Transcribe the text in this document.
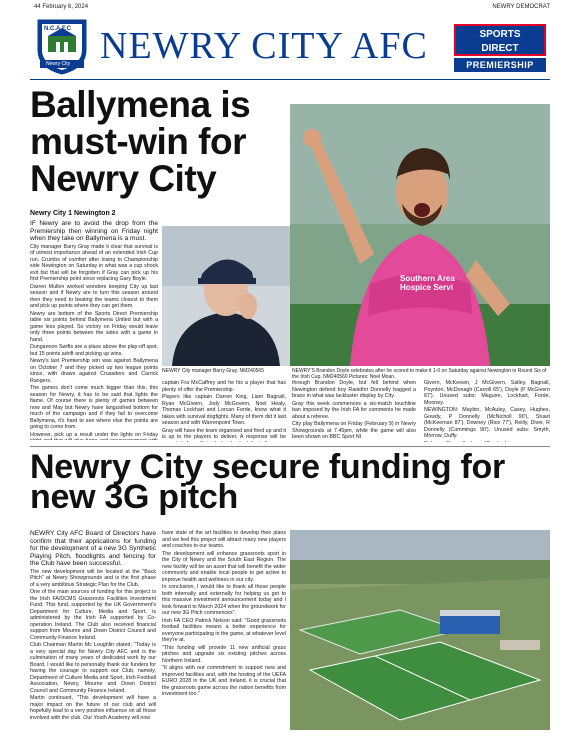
44 February 6, 2024	NEWRY DEMOCRAT
N.C.A.F.C
Newry City NEWRY CITY AFC	SPORTS
DIRECT
PREMIERSHIP
Ballymena is must-win for Newry City
Newry City 1 Newington 2

IF Newry are to avoid the drop from the Premiership then winning on Friday night when they take on Ballymena is a must.

City manager Barry Gray made it clear that survival is of utmost importance ahead of an extended Irish Cup run. Crumbs of comfort after losing to Championship side Newington on Saturday in what was a cup shock exit but that will be forgotten if Gray can pick up his first Premiership point since replacing Gary Boyle.

Darren Mullen worked wonders keeping City up last season and if Newry are to turn this season around then they need to beating the teams closest to them and pick up points where they can get them.

Newry are bottom of the Sports Direct Premiership table six points behind Ballymena United but with a game less played. So victory on Friday would leave only three points between the sides with a game in hand.

Dungannon Swifts are a place above the play-off spot, but 15 points adrift and picking up wins.

Newry's last Premiership win was against Ballymena on October 7 and they picked up two league points since, with draws against Crusaders and Carrick Rangers.

The games don't come much bigger than this, this season for Newry, it has to be said that lights the flame. Of course there is plenty of games between now and May but Newry have languished bottom for much of the campaign and if they fail to overcome Ballymena, it's hard to see where else the points are going to come from.

However, pick up a result under the lights on Friday

Southern Area Hospice Servi
NEWRY City manager Barry Gray. NM240565	NEWRY'S Brandon Doyle celebrates after he scored to make it 1-0 on Saturday against Newington in Round Six of the Irish Cup. NM240560 Pictures: Noel Moan.

captain Fra McCaffrey and he his a player that has plenty of offer the Premiership.

Players like captain Darren King, Liam Bagnall, Ryan McGivern, Jody McGovern, Noel Healy, Thomas Lockhart and Lorcan Forde, know what it takes with survival dogfights. Many of them did it last season and with Warrenpoint Town.

Gray will have the team organised and fired up and it is up to the players to deliver. A response will be

through Brandon Doyle, but fell behind when Newington defend boy Raoidhri Donnelly bagged a brace in what was lackluster display by City.

Gray this week commences a six-match touchline ban imposed by the Irish FA for comments he made about a referee.

City play Ballymena on Friday (February 9) in Newry Showgrounds at 7.45pm, while the game will also been shown on BBC Sport NI.

Givern, McKeown, J McGivern, Salley, Bagnall, Poynton, McDonagh (Carroll 65'), Doyle (P McGivern 87'). Unused subs: Maguire, Lockhart, Forde, Mooney.

NEWINGTON: Maybin, McAuley, Casey, Hughes, Gowdy, P Donnelly (McNicholl 90'), Stuart (McKeeman 87'), Downey (Rice 77'), Reilly, Diver, R Donnelly (Cummings 90'). Unused subs: Smyth, Morrow, Duffy.

Newry City secure funding for new 3G pitch

NEWRY City AFC Board of Directors have confirm that their applications for funding for the development of a new 3G Synthetic Playing Pitch, floodlights and fencing for the Club have been successful.

The new development will be located at the "Back Pitch" at Newry Showgrounds and is the first phase of a very ambitious Strategic Plan for the Club.

One of the main sources of funding for this project is the Irish FA/DCMS Grassroots Facilities Investment Fund. This fund, supported by the UK Government's Department for Culture, Media and Sport, is administered by the Irish FA supported by Co-operation Ireland. The Club also received financial support from Mourne and Down District Council and Community Finance Ireland.

Club Chairman Martin Mc Loughlin stated, "Today is a very special day for Newry City AFC and is the culmination of many years of dedicated work by our Board. I would like to personally thank our funders for having the courage to support our Club, namely, Department of Culture Media and Sport, Irish Football Association, Newry, Mourne and Down District Council and Community Finance Ireland.

Martin continued, "This development will have a major impact on the future of our club and will hopefully lead to a very positive influence on all those involved with the club. Our Youth Academy will now

have state of the art facilities to develop their plans and we feel this project will attract many new players and coaches to our teams.

The development will enhance grassroots sport in the City of Newry and the South East Region. The new facility will be an asset that will benefit the wider community and enable local people to get active to improve health and wellness in our city.

In conclusion, I would like to thank all those people both internally and externally for helping us get to this massive investment announcement today and I look forward to March 2024 when the groundwork for our new 3G Pitch commences".

Irish FA CEO Patrick Nelson said: "Good grassroots football facilities means a better experience for everyone participating in the game, at whatever level they're at.

"This funding will provide 11 new artificial grass pitches and upgrade six existing pitches across Northern Ireland.

"It aligns with our commitment to support new and improved facilities and, with the hosting of the UEFA EURO 2028 in the UK and Ireland, it is crucial that the grassroots game across the nation benefits from investment too."
